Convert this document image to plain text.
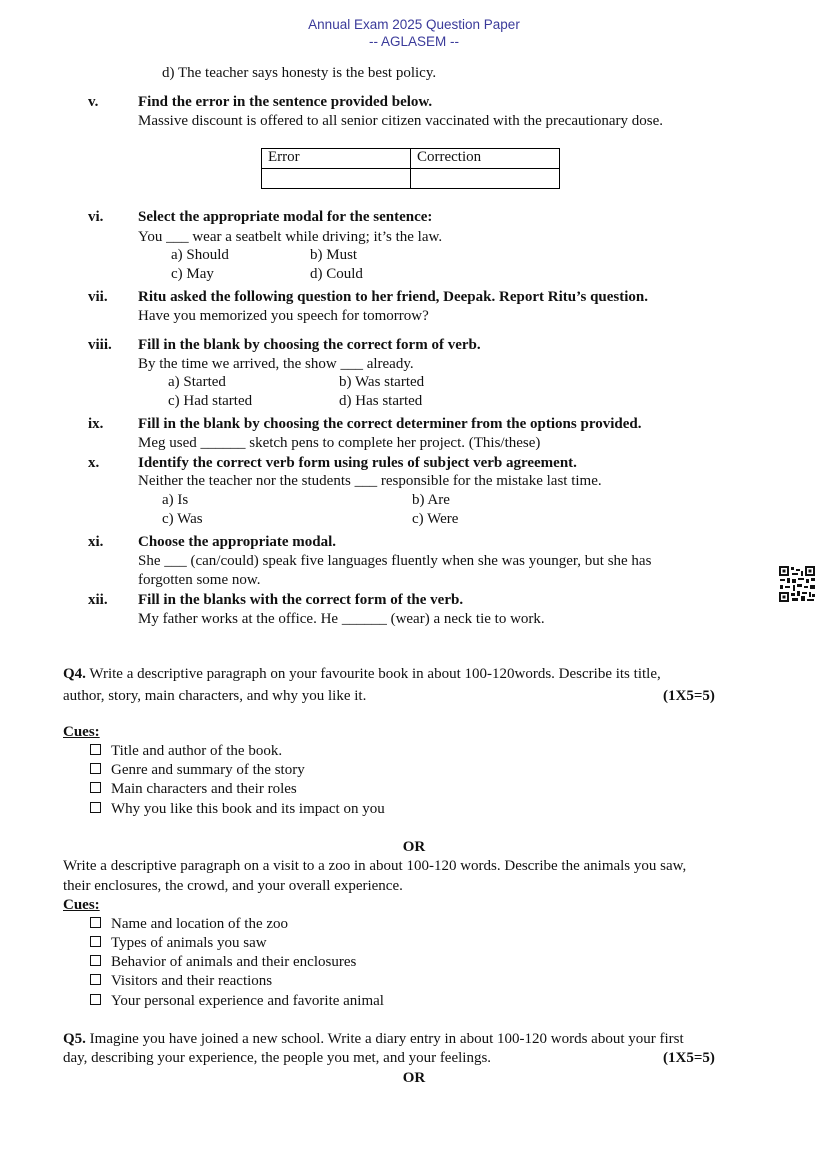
Annual Exam 2025 Question Paper
-- AGLASEM --
d) The teacher says honesty is the best policy.
v.	Find the error in the sentence provided below.
Massive discount is offered to all senior citizen vaccinated with the precautionary dose.
Error	Correction

vi. Select the appropriate modal for the sentence:
You ___ wear a seatbelt while driving; it’s the law.
a) Should	b) Must
c) May	d) Could
vii. Ritu asked the following question to her friend, Deepak. Report Ritu’s question.
Have you memorized you speech for tomorrow?
viii. Fill in the blank by choosing the correct form of verb.
By the time we arrived, the show ___ already.
a) Started	b) Was started
c) Had started	d) Has started
ix. Fill in the blank by choosing the correct determiner from the options provided.
Meg used ______ sketch pens to complete her project. (This/these)
x.	Identify the correct verb form using rules of subject verb agreement.
Neither the teacher nor the students ___ responsible for the mistake last time.
a) Is	b) Are
c) Was	c) Were
xi. Choose the appropriate modal.
She ___ (can/could) speak five languages fluently when she was younger, but she has
forgotten some now.
xii. Fill in the blanks with the correct form of the verb.
My father works at the office. He ______ (wear) a neck tie to work.
Q4. Write a descriptive paragraph on your favourite book in about 100-120words. Describe its title,
author, story, main characters, and why you like it.	(1X5=5)
Cues:
Title and author of the book.
Genre and summary of the story
Main characters and their roles
Why you like this book and its impact on you
OR
Write a descriptive paragraph on a visit to a zoo in about 100-120 words. Describe the animals you saw,
their enclosures, the crowd, and your overall experience.
Cues:
Name and location of the zoo
Types of animals you saw
Behavior of animals and their enclosures
Visitors and their reactions
Your personal experience and favorite animal
Q5. Imagine you have joined a new school. Write a diary entry in about 100-120 words about your first
day, describing your experience, the people you met, and your feelings.	(1X5=5)
OR
